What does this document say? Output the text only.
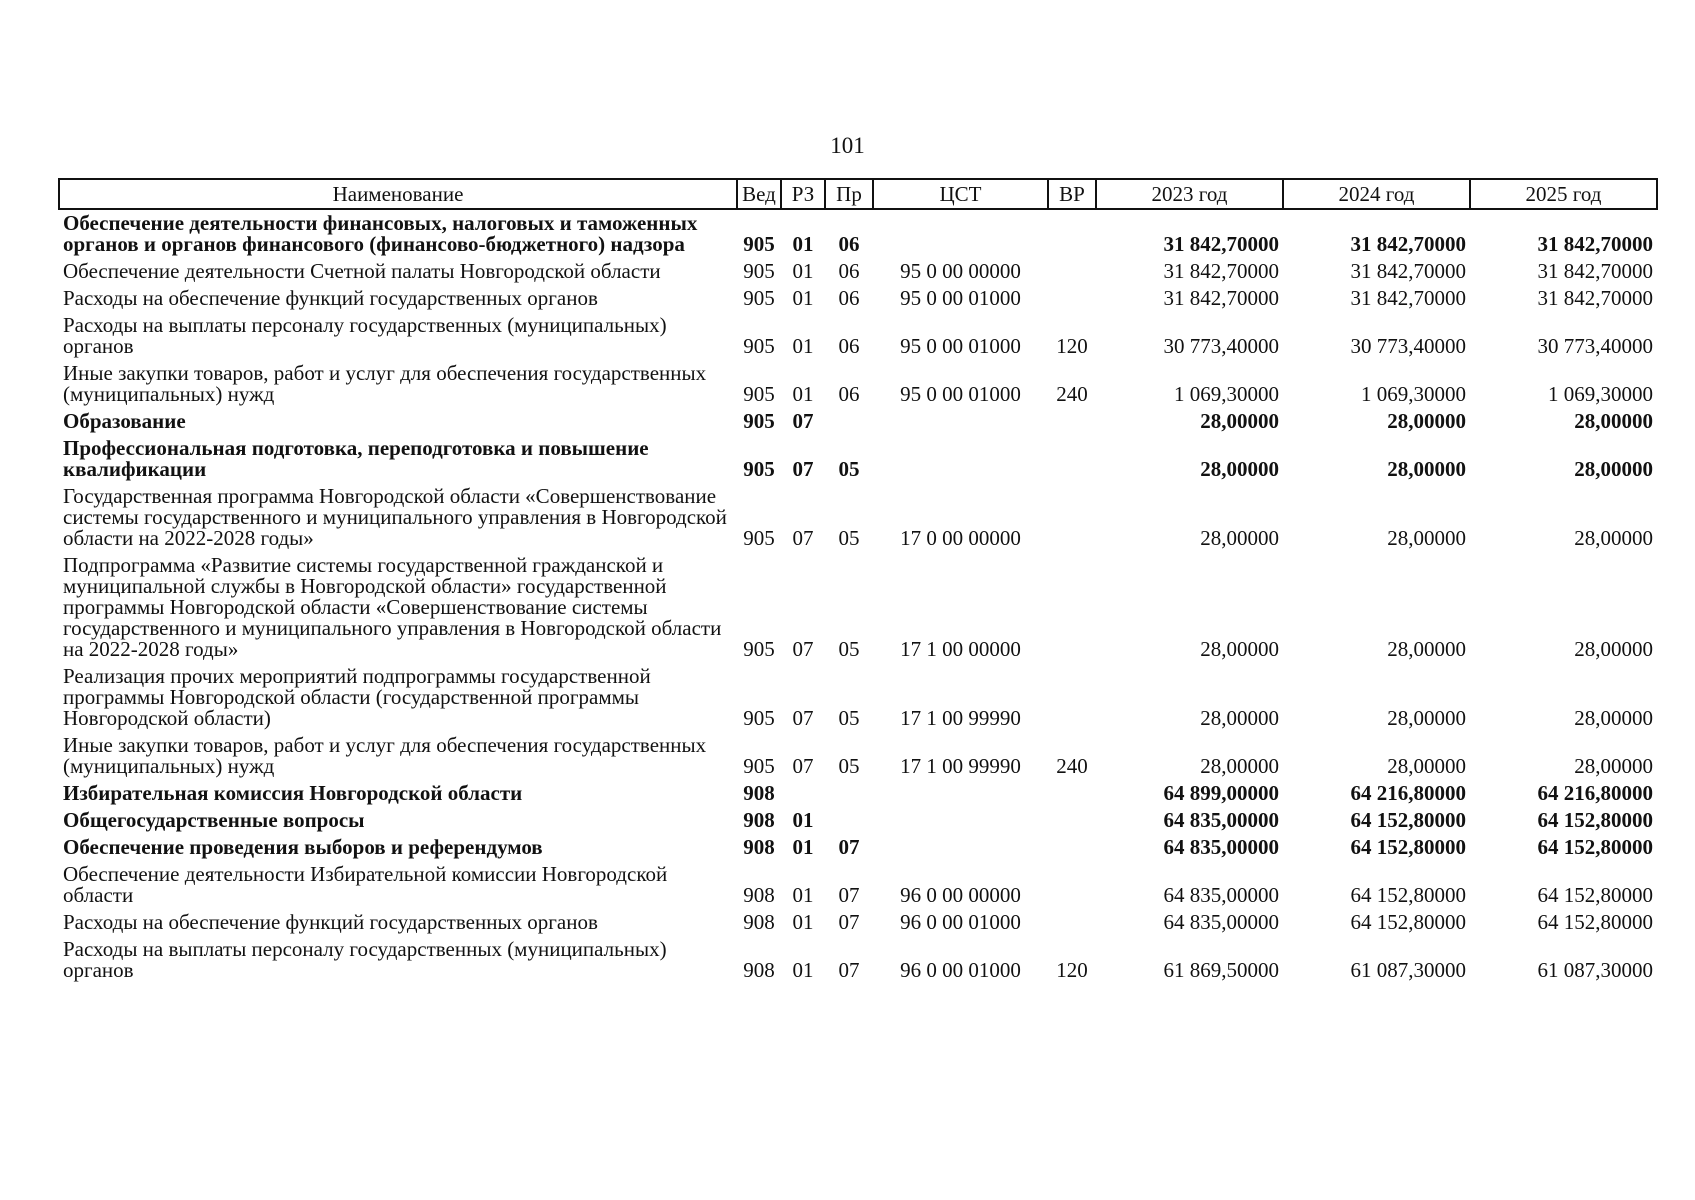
101
Наименование	Вед	РЗ	Пр	ЦСТ	ВР	2023 год	2024 год	2025 год
Обеспечение деятельности финансовых, налоговых и таможенных органов и органов финансового (финансово-бюджетного) надзора	905	01	06			31 842,70000	31 842,70000	31 842,70000
Обеспечение деятельности Счетной палаты Новгородской области	905	01	06	95 0 00 00000		31 842,70000	31 842,70000	31 842,70000
Расходы на обеспечение функций государственных органов	905	01	06	95 0 00 01000		31 842,70000	31 842,70000	31 842,70000
Расходы на выплаты персоналу государственных (муниципальных) органов	905	01	06	95 0 00 01000	120	30 773,40000	30 773,40000	30 773,40000
Иные закупки товаров, работ и услуг для обеспечения государственных (муниципальных) нужд	905	01	06	95 0 00 01000	240	1 069,30000	1 069,30000	1 069,30000
Образование	905	07				28,00000	28,00000	28,00000
Профессиональная подготовка, переподготовка и повышение квалификации	905	07	05			28,00000	28,00000	28,00000
Государственная программа Новгородской области «Совершенствование системы государственного и муниципального управления в Новгородской области на 2022-2028 годы»	905	07	05	17 0 00 00000		28,00000	28,00000	28,00000
Подпрограмма «Развитие системы государственной гражданской и муниципальной службы в Новгородской области» государственной программы Новгородской области «Совершенствование системы государственного и муниципального управления в Новгородской области на 2022-2028 годы»	905	07	05	17 1 00 00000		28,00000	28,00000	28,00000
Реализация прочих мероприятий подпрограммы государственной программы Новгородской области (государственной программы Новгородской области)	905	07	05	17 1 00 99990		28,00000	28,00000	28,00000
Иные закупки товаров, работ и услуг для обеспечения государственных (муниципальных) нужд	905	07	05	17 1 00 99990	240	28,00000	28,00000	28,00000
Избирательная комиссия Новгородской области	908					64 899,00000	64 216,80000	64 216,80000
Общегосударственные вопросы	908	01				64 835,00000	64 152,80000	64 152,80000
Обеспечение проведения выборов и референдумов	908	01	07			64 835,00000	64 152,80000	64 152,80000
Обеспечение деятельности Избирательной комиссии Новгородской области	908	01	07	96 0 00 00000		64 835,00000	64 152,80000	64 152,80000
Расходы на обеспечение функций государственных органов	908	01	07	96 0 00 01000		64 835,00000	64 152,80000	64 152,80000
Расходы на выплаты персоналу государственных (муниципальных) органов	908	01	07	96 0 00 01000	120	61 869,50000	61 087,30000	61 087,30000
